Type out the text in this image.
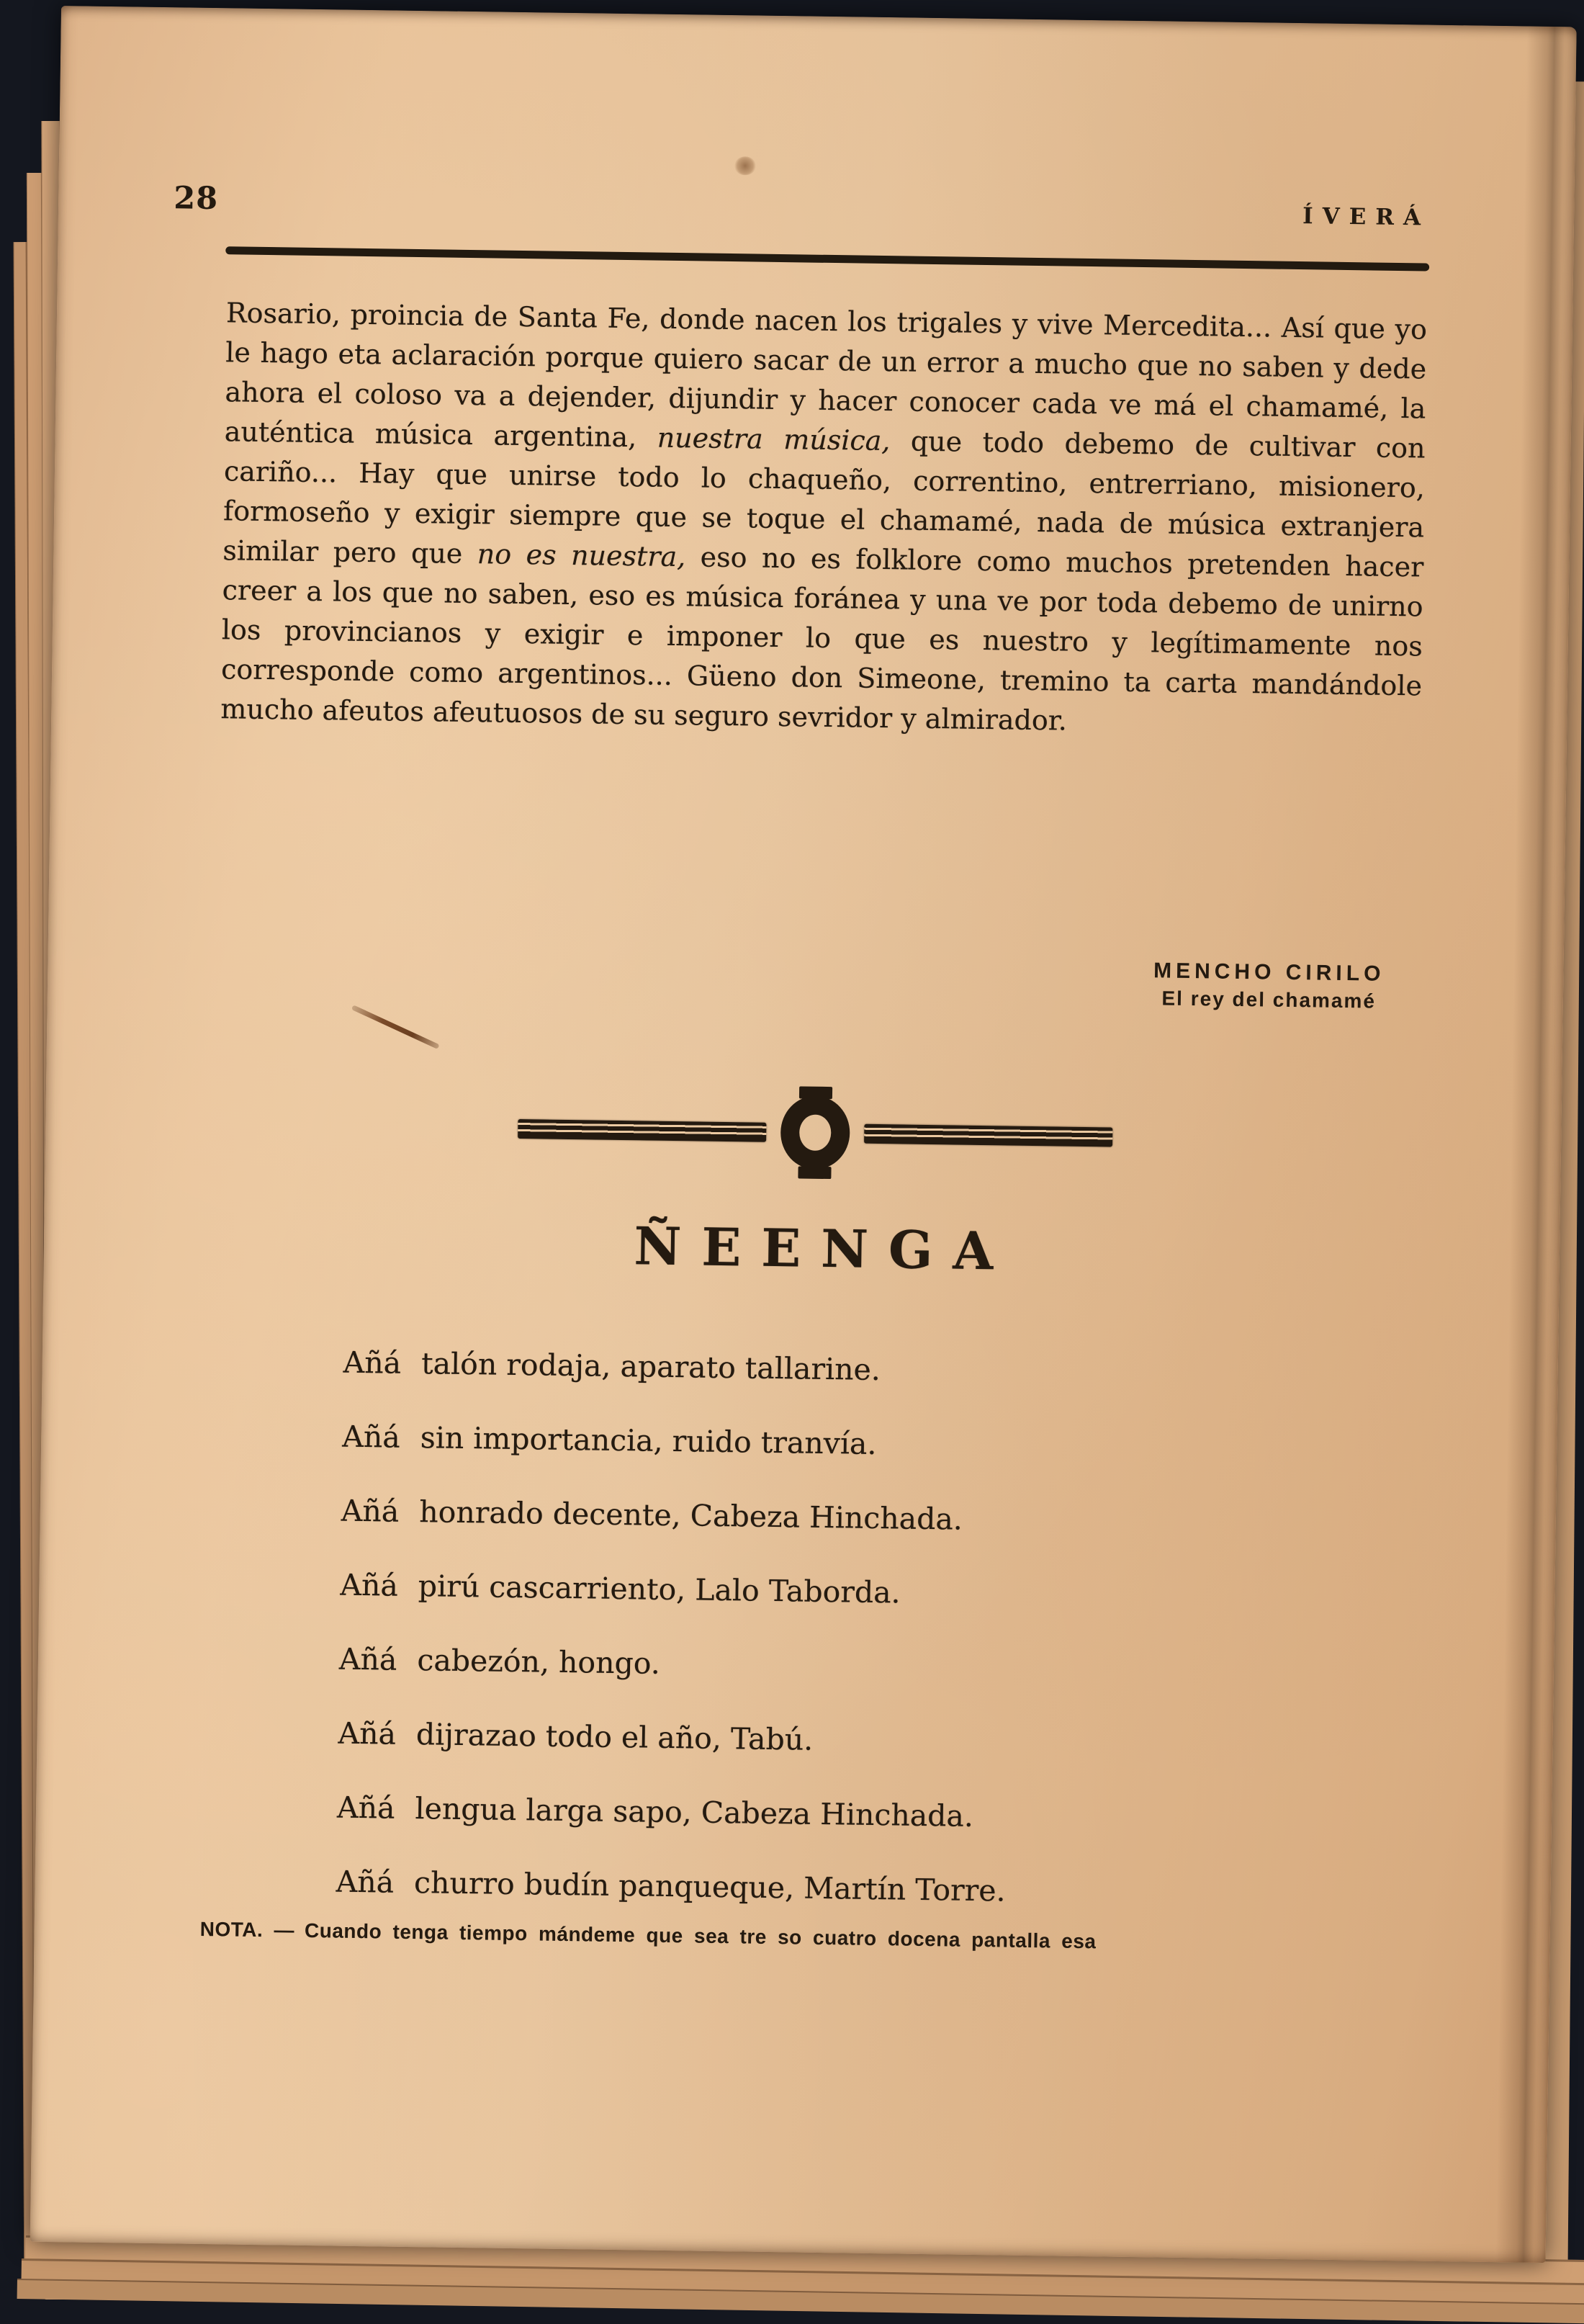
28
ÍVERÁ

Rosario, proincia de Santa Fe, donde nacen los trigales y vive Mercedita... Así que yo le hago eta aclaración porque quiero sacar de un error a mucho que no saben y dede ahora el coloso va a dejender, dijundir y hacer conocer cada ve má el chamamé, la auténtica música argentina, nuestra música, que todo debemo de cultivar con cariño... Hay que unirse todo lo chaqueño, correntino, entrerriano, misionero, formoseño y exigir siempre que se toque el chamamé, nada de música extranjera similar pero que no es nuestra, eso no es folklore como muchos pretenden hacer creer a los que no saben, eso es música foránea y una ve por toda debemo de unirno los provincianos y exigir e imponer lo que es nuestro y legítimamente nos corresponde como argentinos... Güeno don Simeone, tremino ta carta mandándole mucho afeutos afeutuosos de su seguro sevridor y almirador.

MENCHO CIRILO
El rey del chamamé
ÑEENGA
Añá talón rodaja, aparato tallarine.
Añá sin importancia, ruido tranvía.
Añá honrado decente, Cabeza Hinchada.
Añá pirú cascarriento, Lalo Taborda.
Añá cabezón, hongo.
Añá dijrazao todo el año, Tabú.
Añá lengua larga sapo, Cabeza Hinchada.
Añá churro budín panqueque, Martín Torre.

NOTA. — Cuando tenga tiempo mándeme que sea tre so cuatro docena pantalla esa
